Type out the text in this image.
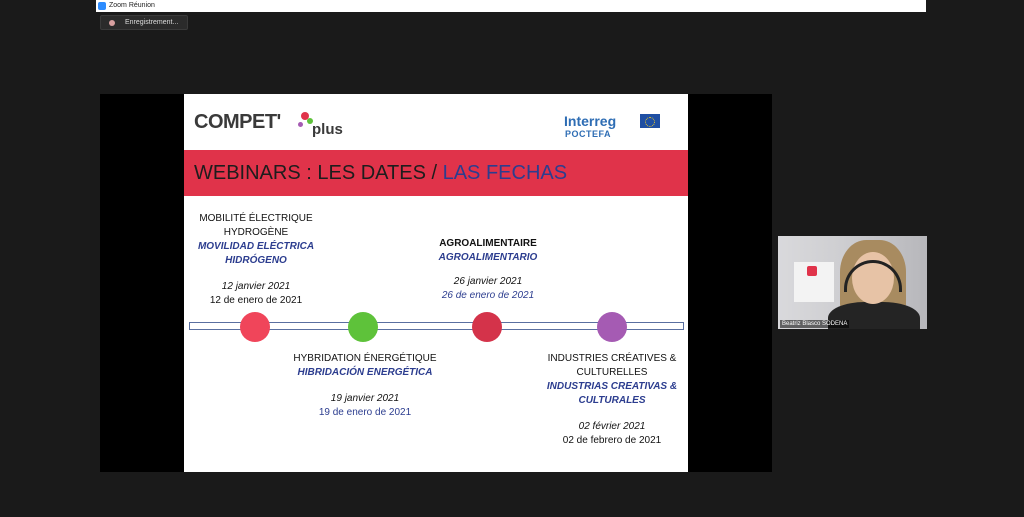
Zoom Réunion
Enregistrement...
COMPET' plus	Interreg
POCTEFA
WEBINARS : LES DATES / LAS FECHAS
MOBILITÉ ÉLECTRIQUE
HYDROGÈNE
MOVILIDAD ELÉCTRICA
HIDRÓGENO
12 janvier 2021
12 de enero de 2021
AGROALIMENTAIRE
AGROALIMENTARIO
26 janvier 2021
26 de enero de 2021
HYBRIDATION ÉNERGÉTIQUE
HIBRIDACIÓN ENERGÉTICA
19 janvier 2021
19 de enero de 2021
INDUSTRIES CRÉATIVES &
CULTURELLES
INDUSTRIAS CREATIVAS &
CULTURALES
02 février 2021
02 de febrero de 2021
Beatriz Blasco SODENA
